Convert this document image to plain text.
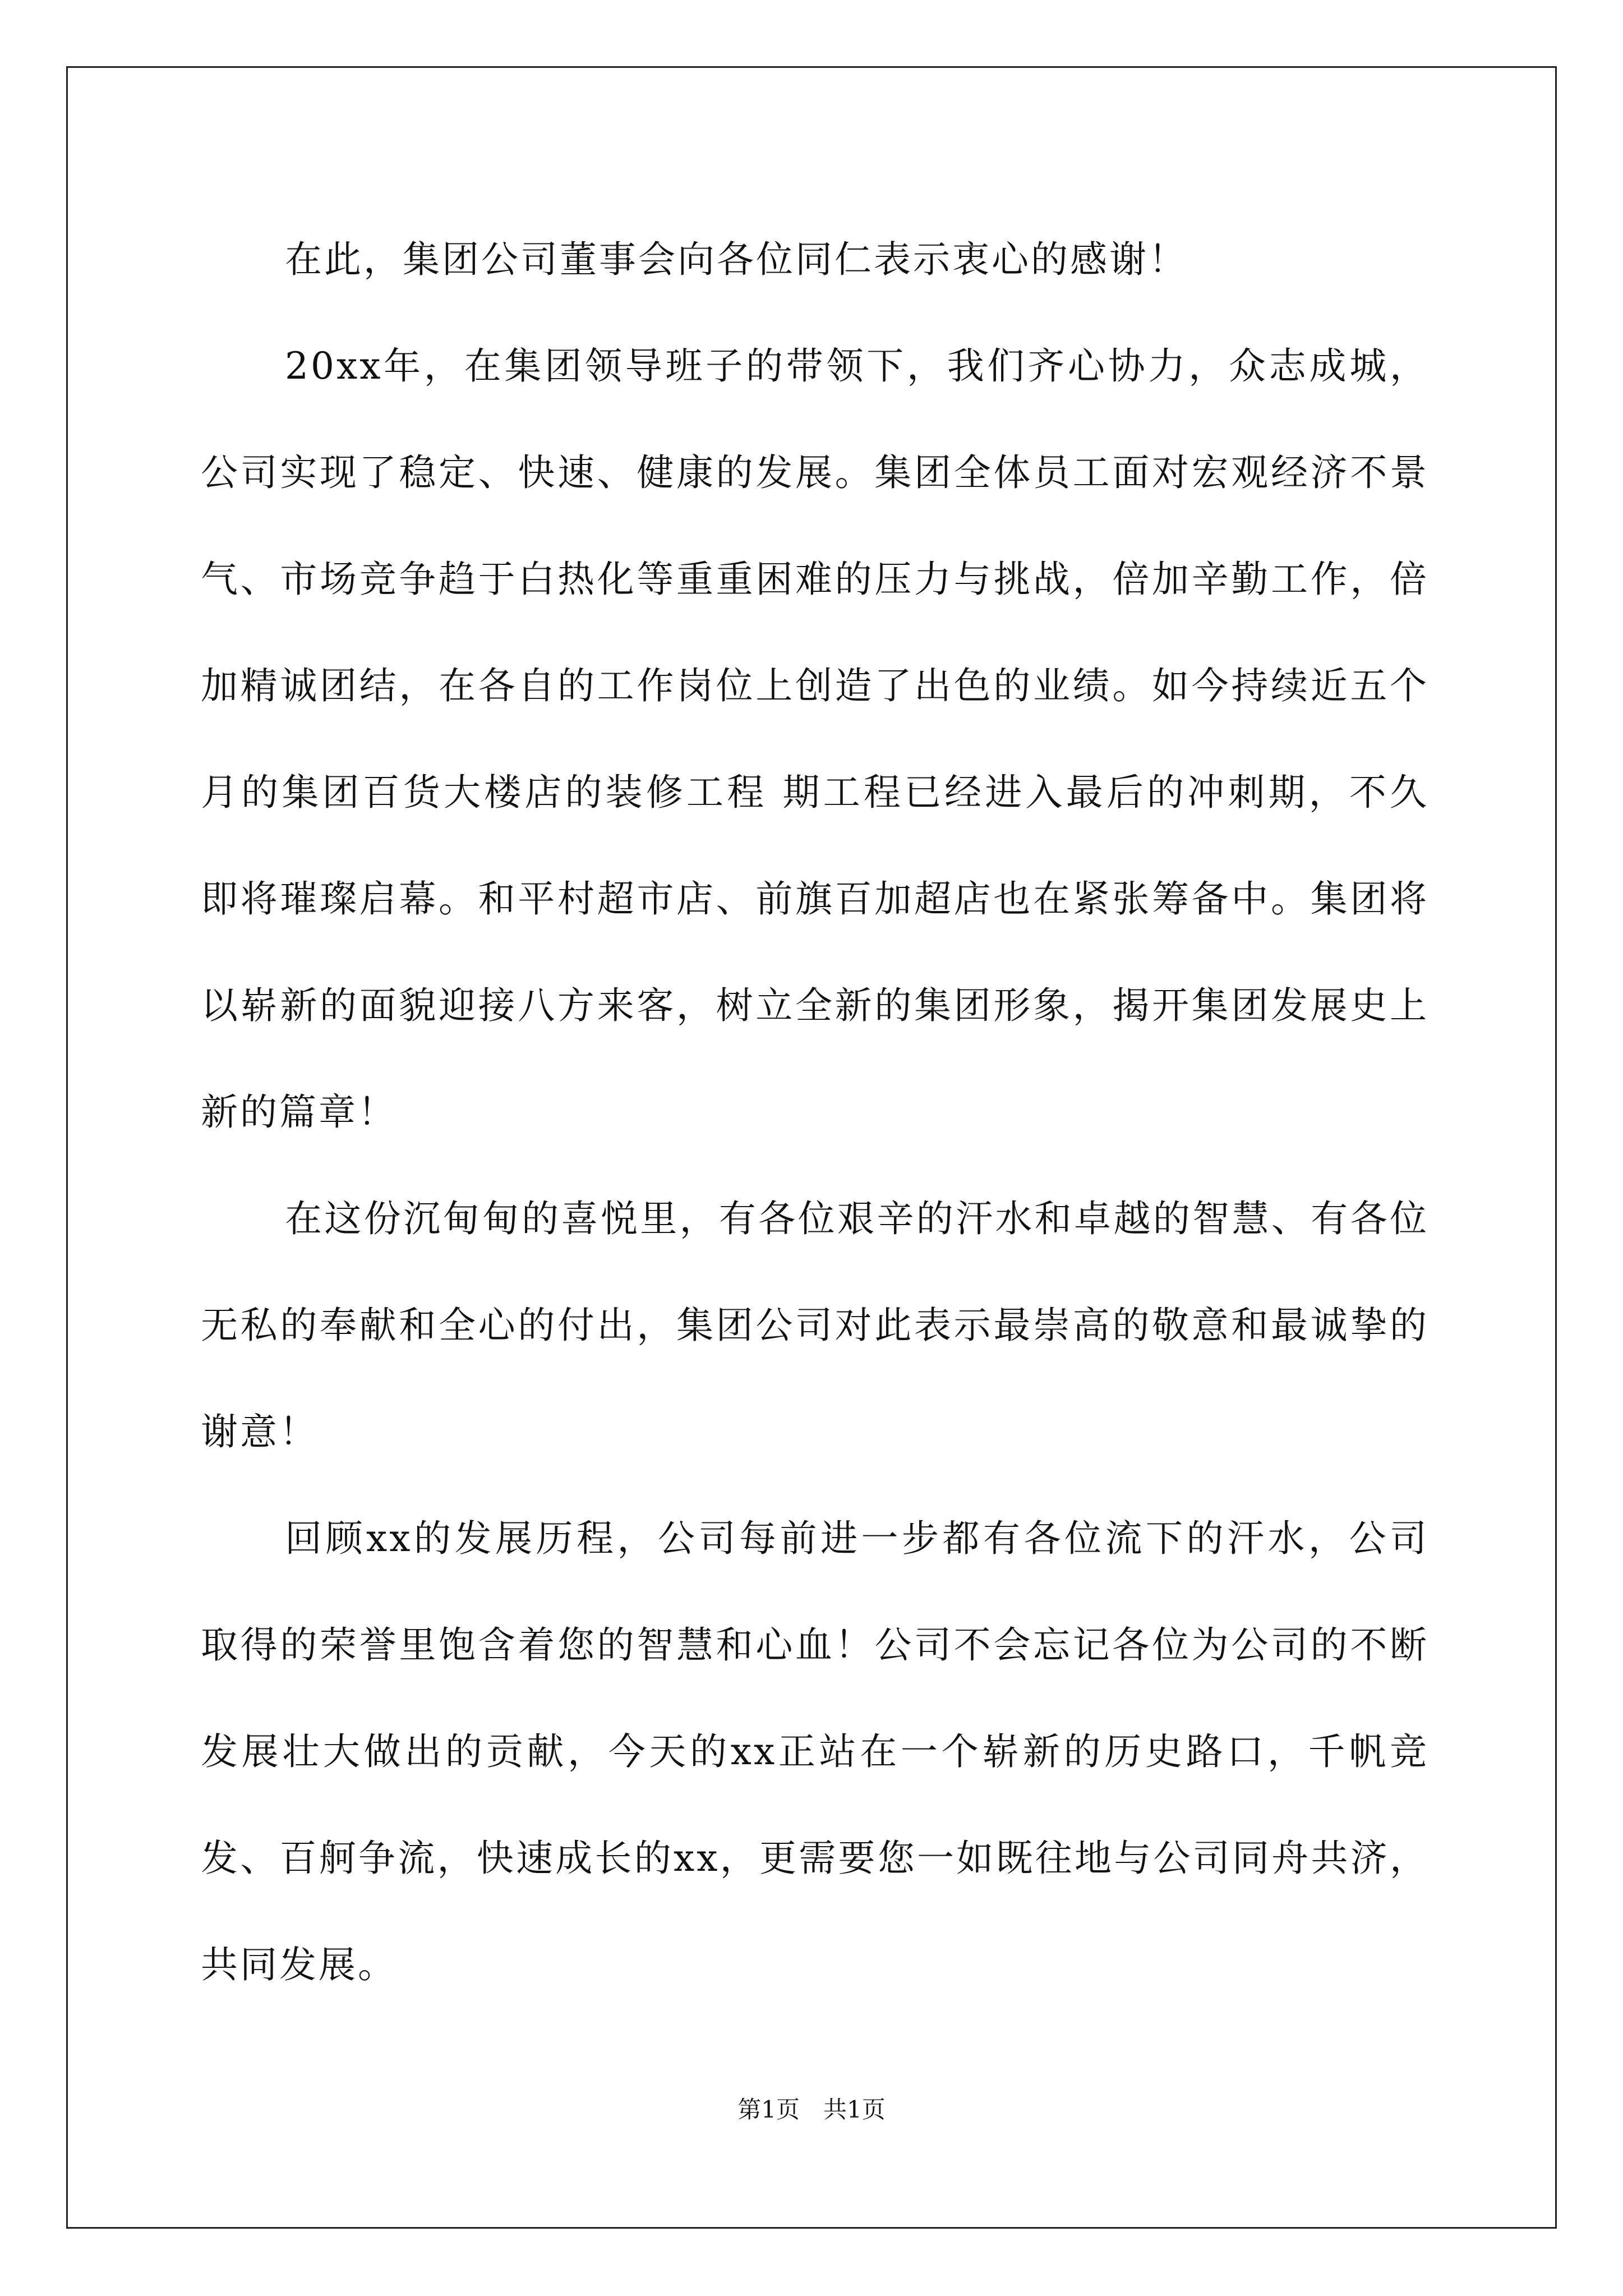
在此，集团公司董事会向各位同仁表示衷心的感谢！

20xx年，在集团领导班子的带领下，我们齐心协力，众志成城，公司实现了稳定、快速、健康的发展。集团全体员工面对宏观经济不景气、市场竞争趋于白热化等重重困难的压力与挑战，倍加辛勤工作，倍加精诚团结，在各自的工作岗位上创造了出色的业绩。如今持续近五个月的集团百货大楼店的装修工程 期工程已经进入最后的冲刺期，不久即将璀璨启幕。和平村超市店、前旗百加超店也在紧张筹备中。集团将以崭新的面貌迎接八方来客，树立全新的集团形象，揭开集团发展史上新的篇章！

在这份沉甸甸的喜悦里，有各位艰辛的汗水和卓越的智慧、有各位无私的奉献和全心的付出，集团公司对此表示最崇高的敬意和最诚挚的谢意！

回顾xx的发展历程，公司每前进一步都有各位流下的汗水，公司取得的荣誉里饱含着您的智慧和心血！公司不会忘记各位为公司的不断发展壮大做出的贡献，今天的xx正站在一个崭新的历史路口，千帆竞发、百舸争流，快速成长的xx，更需要您一如既往地与公司同舟共济，共同发展。

第1页　共1页
